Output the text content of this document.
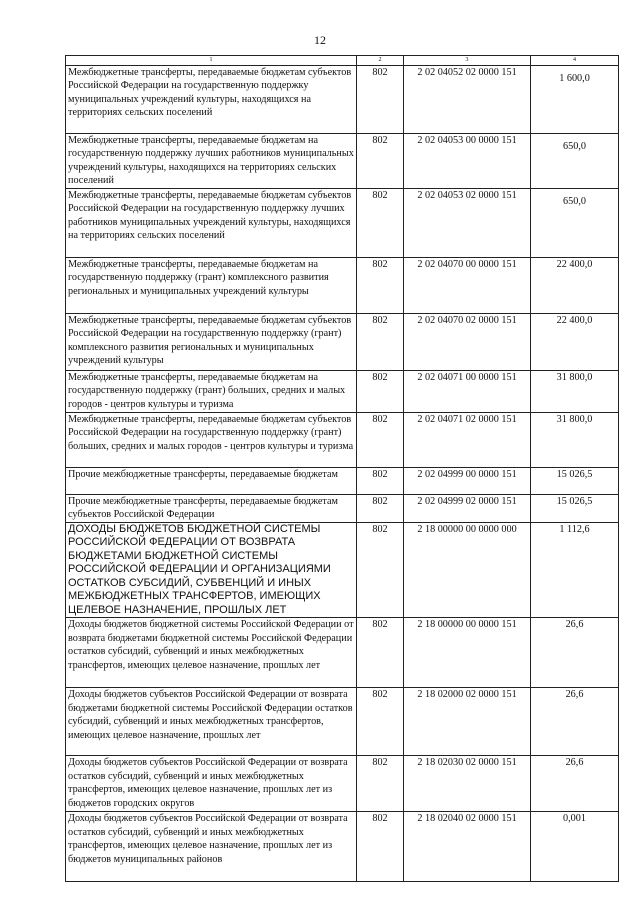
12
1	2	3	4
Межбюджетные трансферты, передаваемые бюджетам субъектов Российской Федерации на государственную поддержку муниципальных учреждений культуры, находящихся на территориях сельских поселений	802	2 02 04052 02 0000 151	1 600,0
Межбюджетные трансферты, передаваемые бюджетам на государственную поддержку лучших работников муниципальных учреждений культуры, находящихся на территориях сельских поселений	802	2 02 04053 00 0000 151	650,0
Межбюджетные трансферты, передаваемые бюджетам субъектов Российской Федерации на государственную поддержку лучших работников муниципальных учреждений культуры, находящихся на территориях сельских поселений	802	2 02 04053 02 0000 151	650,0
Межбюджетные трансферты, передаваемые бюджетам на государственную поддержку (грант) комплексного развития региональных и муниципальных учреждений культуры	802	2 02 04070 00 0000 151	22 400,0
Межбюджетные трансферты, передаваемые бюджетам субъектов Российской Федерации на государственную поддержку (грант) комплексного развития региональных и муниципальных учреждений культуры	802	2 02 04070 02 0000 151	22 400,0
Межбюджетные трансферты, передаваемые бюджетам на государственную поддержку (грант) больших, средних и малых городов - центров культуры и туризма	802	2 02 04071 00 0000 151	31 800,0
Межбюджетные трансферты, передаваемые бюджетам субъектов Российской Федерации на государственную поддержку (грант) больших, средних и малых городов - центров культуры и туризма	802	2 02 04071 02 0000 151	31 800,0
Прочие межбюджетные трансферты, передаваемые бюджетам	802	2 02 04999 00 0000 151	15 026,5
Прочие межбюджетные трансферты, передаваемые бюджетам субъектов Российской Федерации	802	2 02 04999 02 0000 151	15 026,5
ДОХОДЫ БЮДЖЕТОВ БЮДЖЕТНОЙ СИСТЕМЫ РОССИЙСКОЙ ФЕДЕРАЦИИ ОТ ВОЗВРАТА БЮДЖЕТАМИ БЮДЖЕТНОЙ СИСТЕМЫ РОССИЙСКОЙ ФЕДЕРАЦИИ И ОРГАНИЗАЦИЯМИ ОСТАТКОВ СУБСИДИЙ, СУБВЕНЦИЙ И ИНЫХ МЕЖБЮДЖЕТНЫХ ТРАНСФЕРТОВ, ИМЕЮЩИХ ЦЕЛЕВОЕ НАЗНАЧЕНИЕ, ПРОШЛЫХ ЛЕТ	802	2 18 00000 00 0000 000	1 112,6
Доходы бюджетов бюджетной системы Российской Федерации от возврата бюджетами бюджетной системы Российской Федерации остатков субсидий, субвенций и иных межбюджетных трансфертов, имеющих целевое назначение, прошлых лет	802	2 18 00000 00 0000 151	26,6
Доходы бюджетов субъектов Российской Федерации от возврата бюджетами бюджетной системы Российской Федерации остатков субсидий, субвенций и иных межбюджетных трансфертов, имеющих целевое назначение, прошлых лет	802	2 18 02000 02 0000 151	26,6
Доходы бюджетов субъектов Российской Федерации от возврата остатков субсидий, субвенций и иных межбюджетных трансфертов, имеющих целевое назначение, прошлых лет из бюджетов городских округов	802	2 18 02030 02 0000 151	26,6
Доходы бюджетов субъектов Российской Федерации от возврата остатков субсидий, субвенций и иных межбюджетных трансфертов, имеющих целевое назначение, прошлых лет из бюджетов муниципальных районов	802	2 18 02040 02 0000 151	0,001
